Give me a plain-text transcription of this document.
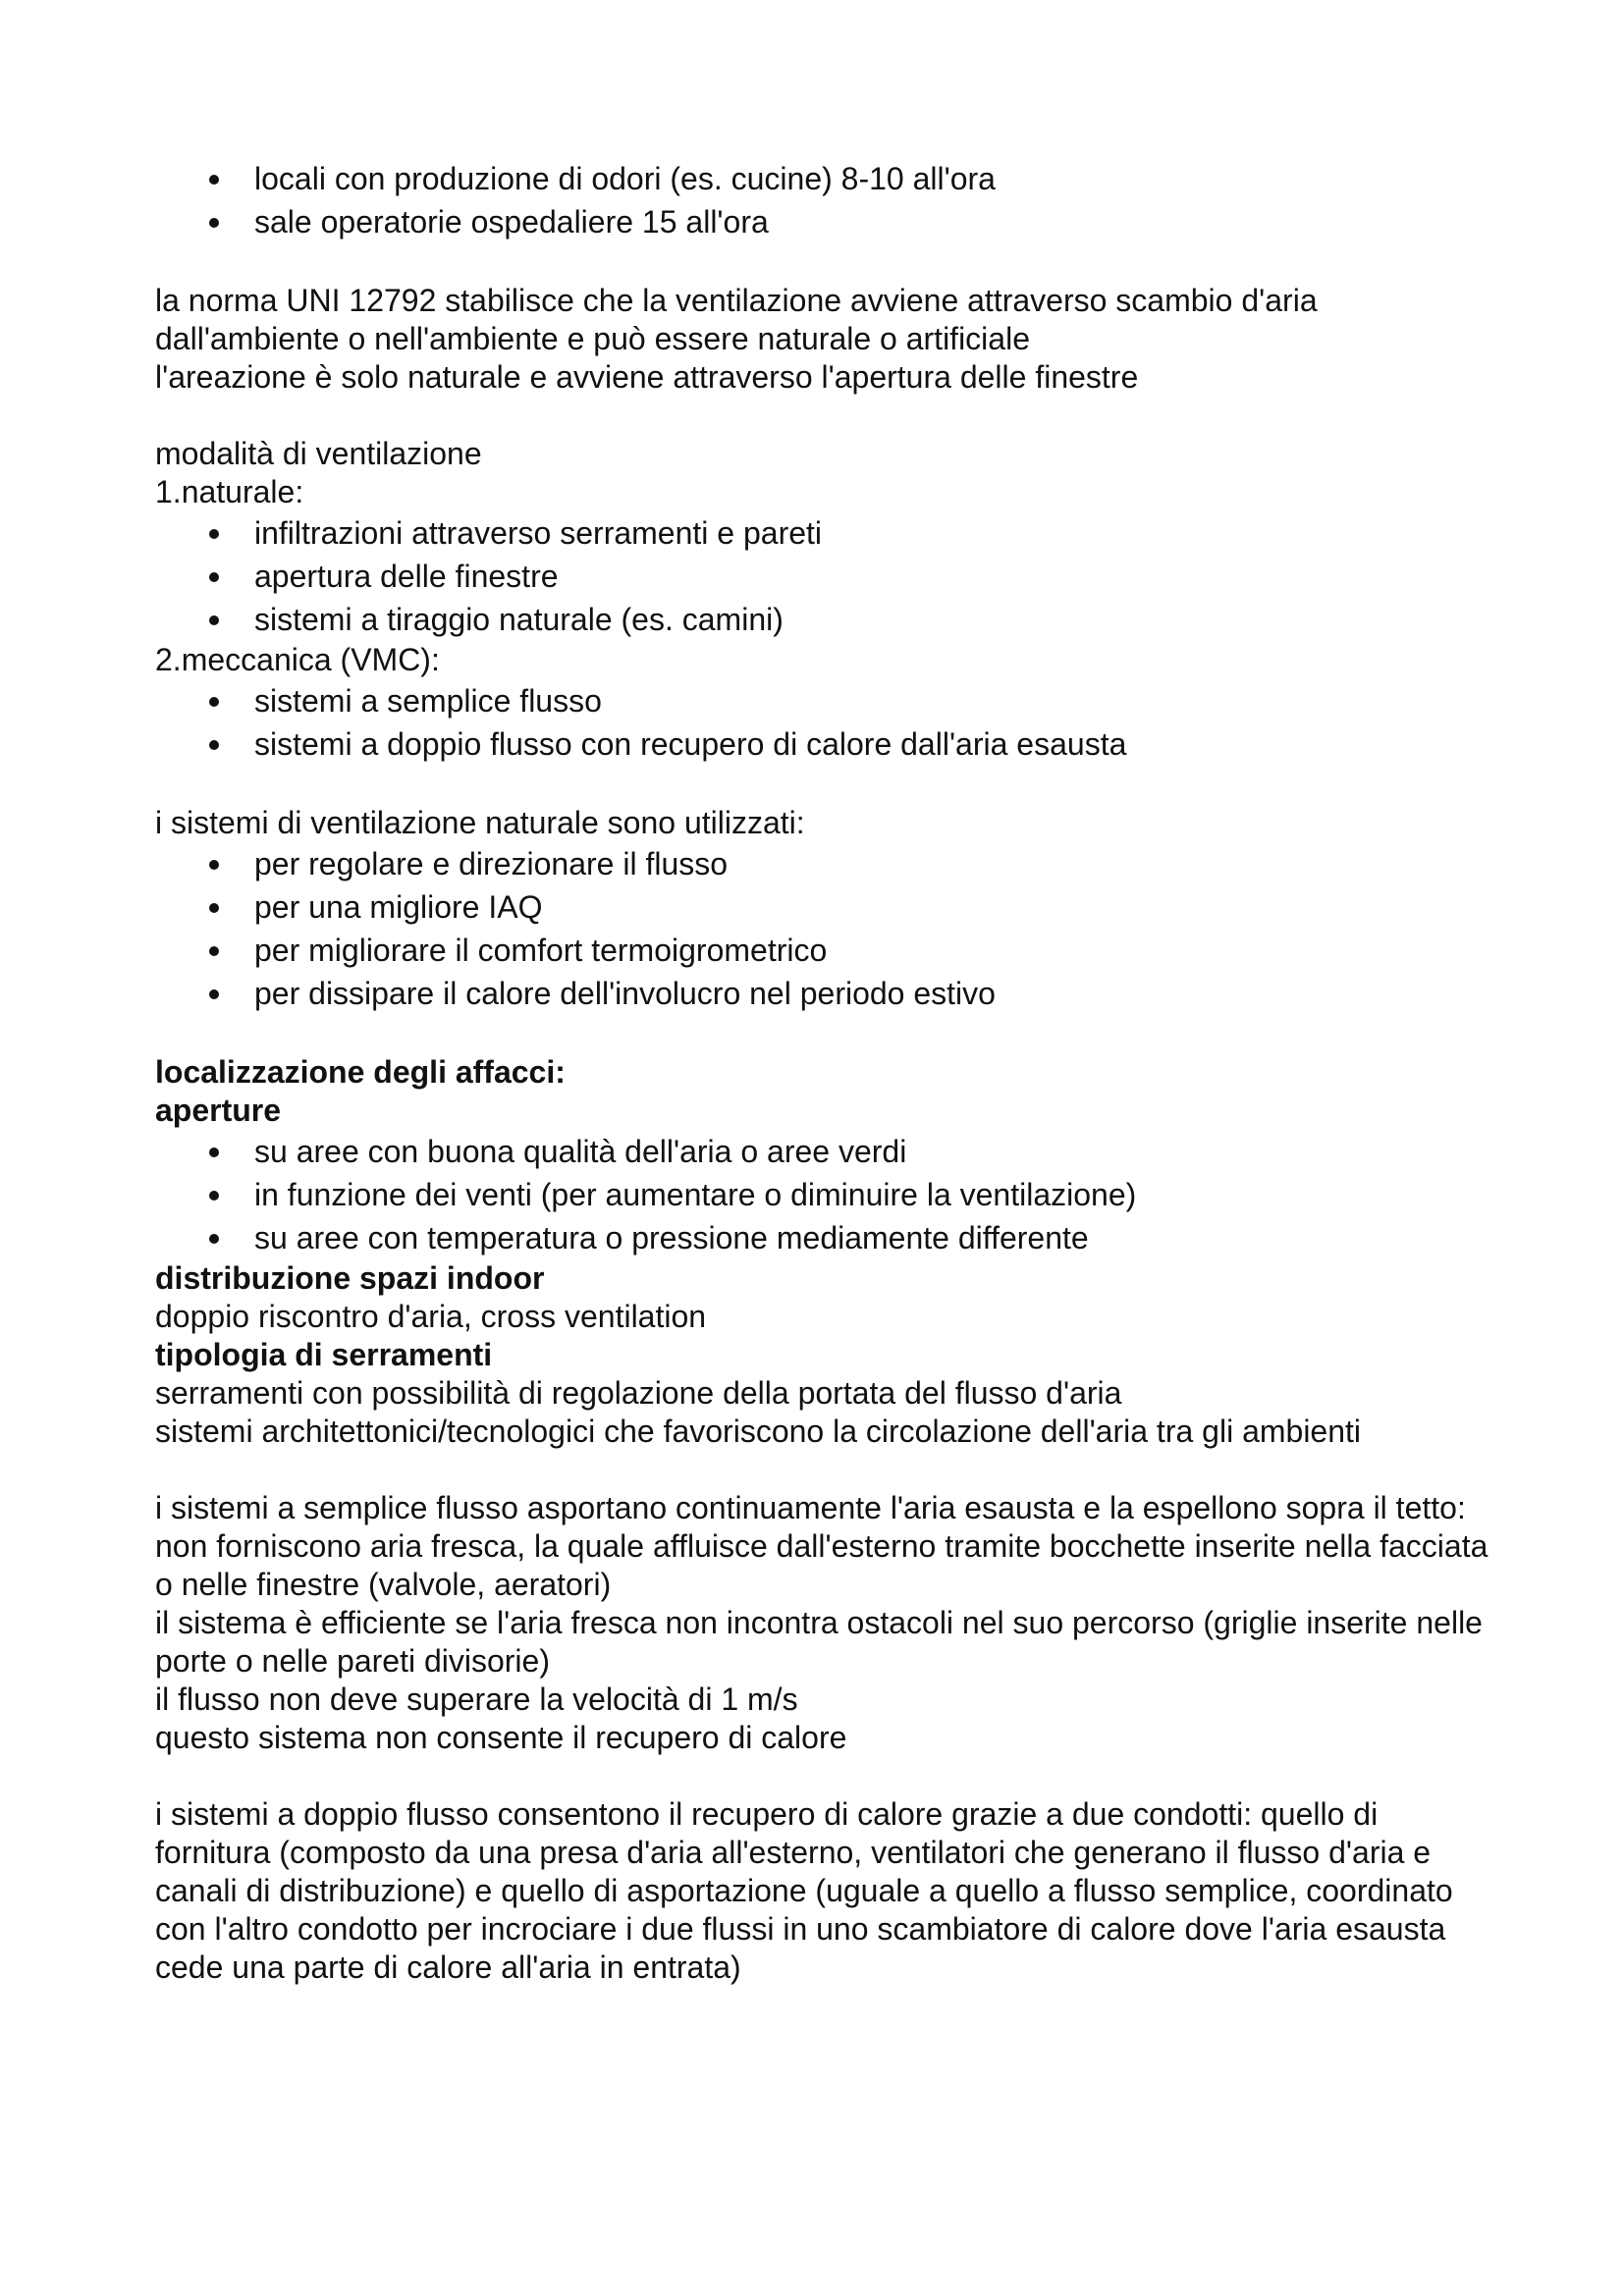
locali con produzione di odori (es. cucine) 8-10 all'ora
sale operatorie ospedaliere 15 all'ora

la norma UNI 12792 stabilisce che la ventilazione avviene attraverso scambio d'aria dall'ambiente o nell'ambiente e può essere naturale o artificiale

l'areazione è solo naturale e avviene attraverso l'apertura delle finestre

modalità di ventilazione

1.naturale:

infiltrazioni attraverso serramenti e pareti
apertura delle finestre
sistemi a tiraggio naturale (es. camini)

2.meccanica (VMC):

sistemi a semplice flusso
sistemi a doppio flusso con recupero di calore dall'aria esausta

i sistemi di ventilazione naturale sono utilizzati:

per regolare e direzionare il flusso
per una migliore IAQ
per migliorare il comfort termoigrometrico
per dissipare il calore dell'involucro nel periodo estivo

localizzazione degli affacci:

aperture

su aree con buona qualità dell'aria o aree verdi
in funzione dei venti (per aumentare o diminuire la ventilazione)
su aree con temperatura o pressione mediamente differente

distribuzione spazi indoor

doppio riscontro d'aria, cross ventilation

tipologia di serramenti

serramenti con possibilità di regolazione della portata del flusso d'aria

sistemi architettonici/tecnologici che favoriscono la circolazione dell'aria tra gli ambienti

i sistemi a semplice flusso asportano continuamente l'aria esausta e la espellono sopra il tetto: non forniscono aria fresca, la quale affluisce dall'esterno tramite bocchette inserite nella facciata o nelle finestre (valvole, aeratori)

il sistema è efficiente se l'aria fresca non incontra ostacoli nel suo percorso (griglie inserite nelle porte o nelle pareti divisorie)

il flusso non deve superare la velocità di 1 m/s

questo sistema non consente il recupero di calore

i sistemi a doppio flusso consentono il recupero di calore grazie a due condotti: quello di fornitura (composto da una presa d'aria all'esterno, ventilatori che generano il flusso d'aria e canali di distribuzione) e quello di asportazione (uguale a quello a flusso semplice, coordinato con l'altro condotto per incrociare i due flussi in uno scambiatore di calore dove l'aria esausta cede una parte di calore all'aria in entrata)
